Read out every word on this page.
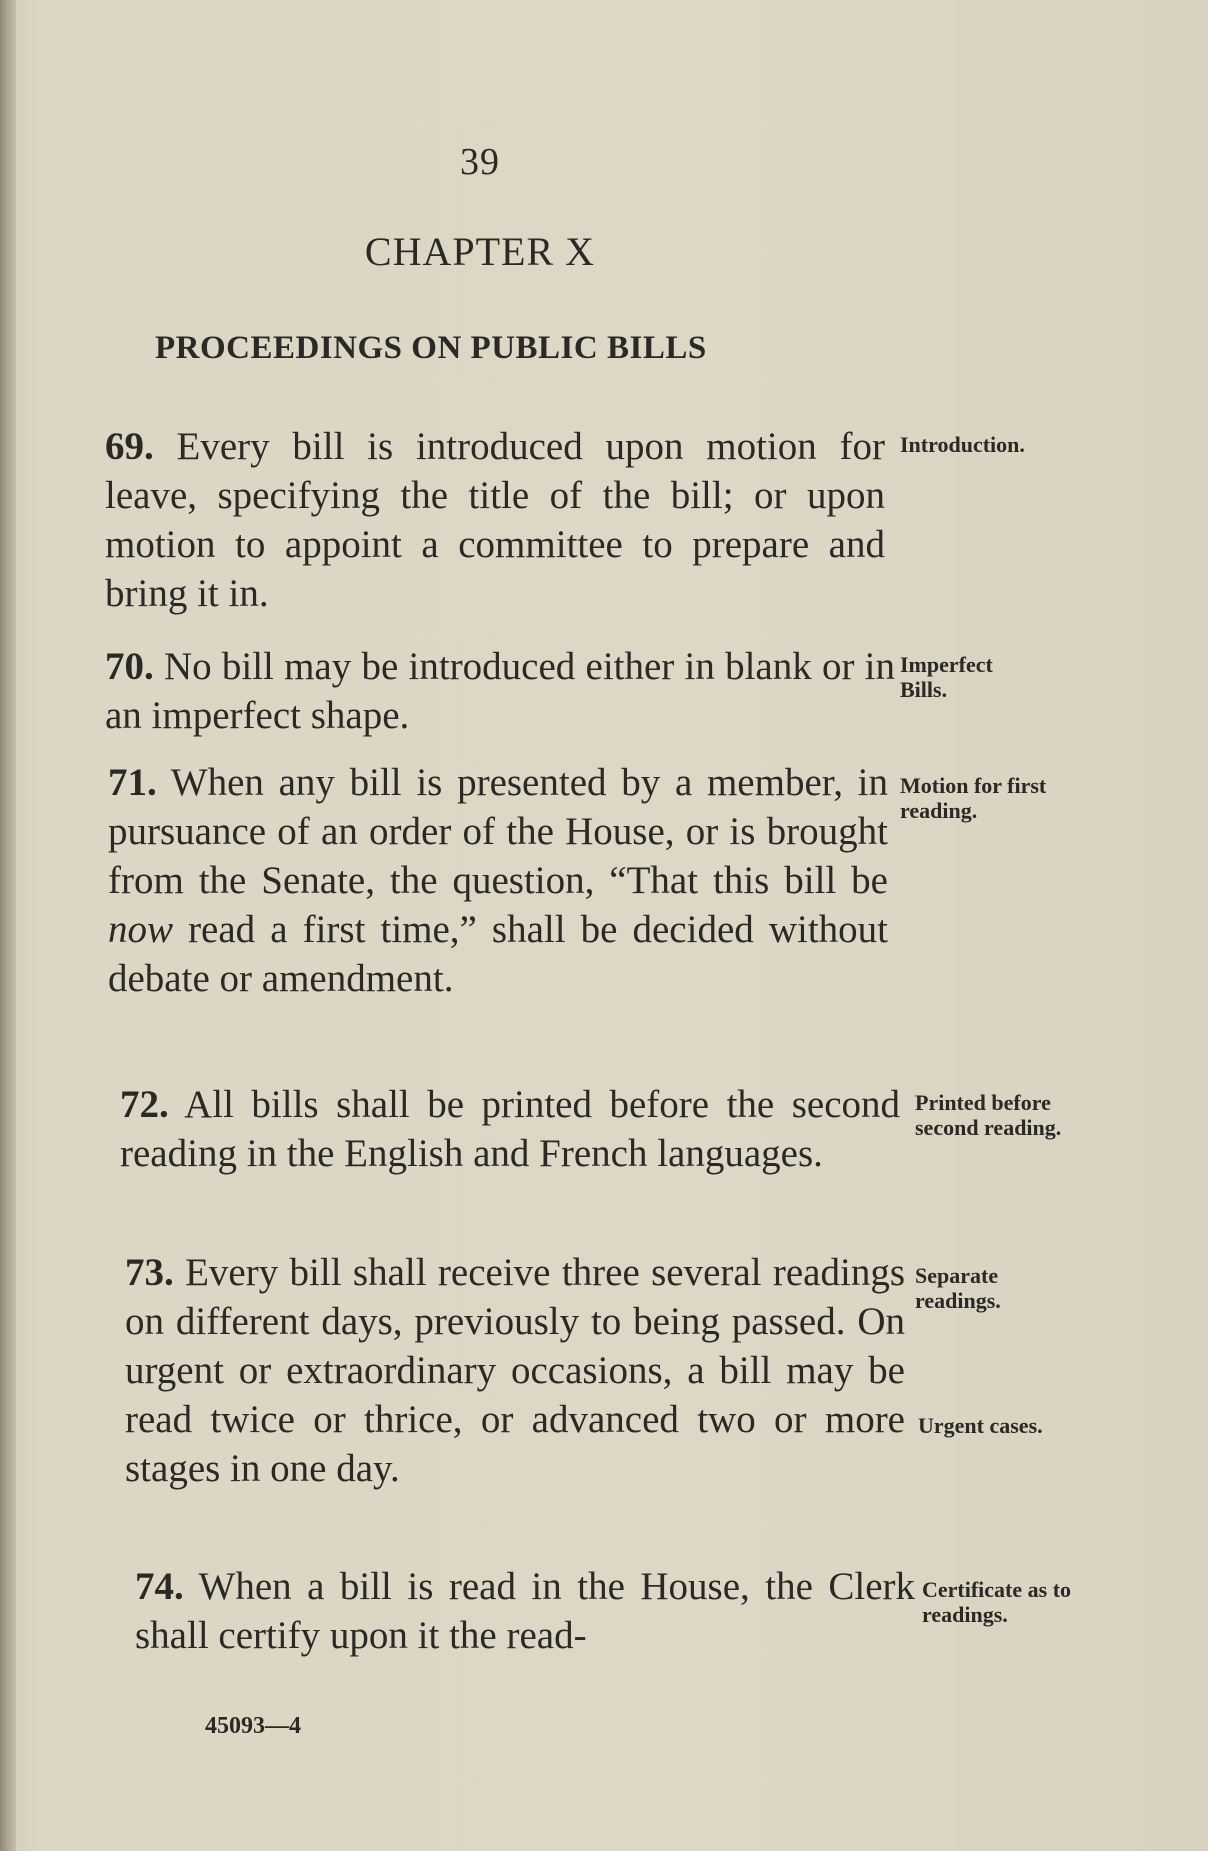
39
CHAPTER X
PROCEEDINGS ON PUBLIC BILLS
69. Every bill is introduced upon motion for leave, specifying the title of the bill; or upon motion to appoint a committee to prepare and bring it in.
Introduction.
70. No bill may be introduced either in blank or in an imperfect shape.
Imperfect Bills.
71. When any bill is presented by a member, in pursuance of an order of the House, or is brought from the Senate, the question, “That this bill be now read a first time,” shall be decided without debate or amendment.
Motion for first reading.
72. All bills shall be printed before the second reading in the English and French languages.
Printed before second reading.
73. Every bill shall receive three several readings on different days, previously to being passed. On urgent or extraordinary occasions, a bill may be read twice or thrice, or advanced two or more stages in one day.
Separate readings.
Urgent cases.
74. When a bill is read in the House, the Clerk shall certify upon it the read-
Certificate as to readings.
45093—4
